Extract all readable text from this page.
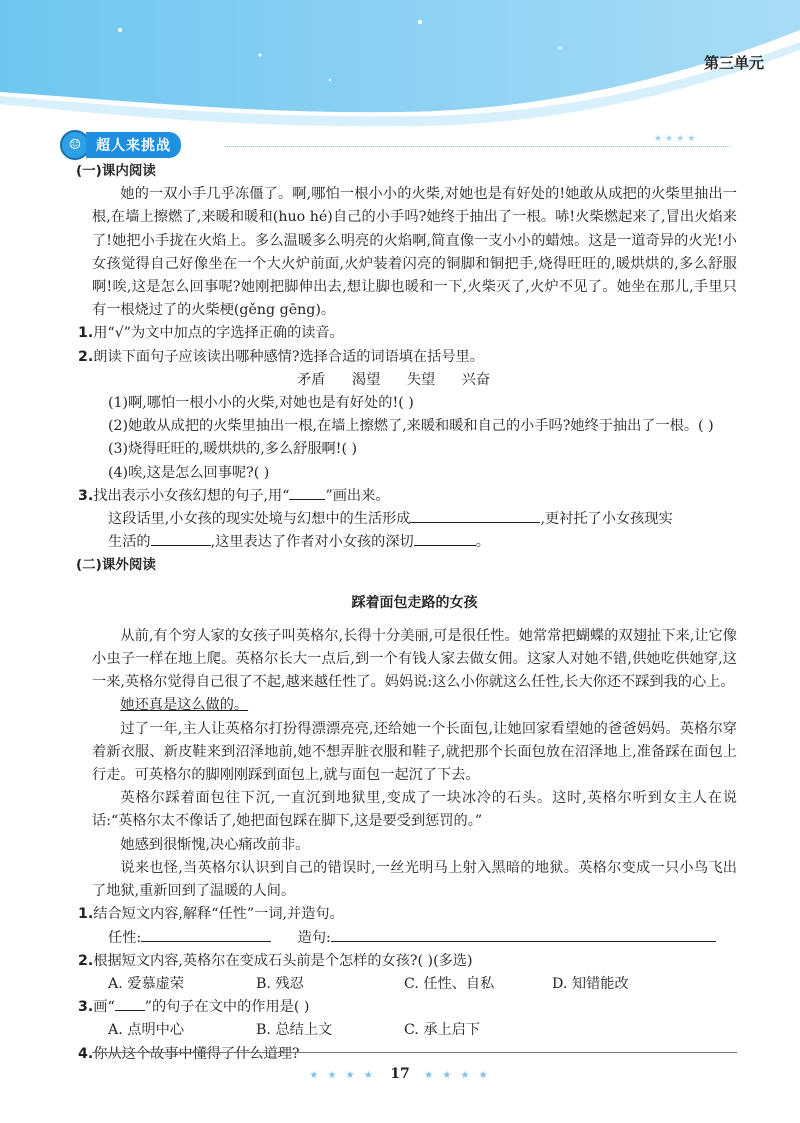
第三单元
☺	超人来挑战	★★★★
(一)课内阅读
她的一双小手几乎冻僵了。啊,哪怕一根小小的火柴,对她也是有好处的!她敢从成把的火柴里抽出一根,在墙上擦燃了,来暖和暖和(huo hé)自己的小手吗?她终于抽出了一根。哧!火柴燃起来了,冒出火焰来了!她把小手拢在火焰上。多么温暖多么明亮的火焰啊,简直像一支小小的蜡烛。这是一道奇异的火光!小女孩觉得自己好像坐在一个大火炉前面,火炉装着闪亮的铜脚和铜把手,烧得旺旺的,暖烘烘的,多么舒服啊!唉,这是怎么回事呢?她刚把脚伸出去,想让脚也暖和一下,火柴灭了,火炉不见了。她坐在那儿,手里只有一根烧过了的火柴梗(gěng gēng)。
1.用“√”为文中加点的字选择正确的读音。
2.朗读下面句子应该读出哪种感情?选择合适的词语填在括号里。
矛盾 渴望 失望 兴奋
(1)啊,哪怕一根小小的火柴,对她也是有好处的!( )
(2)她敢从成把的火柴里抽出一根,在墙上擦燃了,来暖和暖和自己的小手吗?她终于抽出了一根。( )
(3)烧得旺旺的,暖烘烘的,多么舒服啊!( )
(4)唉,这是怎么回事呢?( )
3.找出表示小女孩幻想的句子,用“	”画出来。
这段话里,小女孩的现实处境与幻想中的生活形成	,更衬托了小女孩现实
生活的	,这里表达了作者对小女孩的深切	。
(二)课外阅读
踩着面包走路的女孩
从前,有个穷人家的女孩子叫英格尔,长得十分美丽,可是很任性。她常常把蝴蝶的双翅扯下来,让它像小虫子一样在地上爬。英格尔长大一点后,到一个有钱人家去做女佣。这家人对她不错,供她吃供她穿,这一来,英格尔觉得自己很了不起,越来越任性了。妈妈说:这么小你就这么任性,长大你还不踩到我的心上。
她还真是这么做的。
过了一年,主人让英格尔打扮得漂漂亮亮,还给她一个长面包,让她回家看望她的爸爸妈妈。英格尔穿着新衣服、新皮鞋来到沼泽地前,她不想弄脏衣服和鞋子,就把那个长面包放在沼泽地上,准备踩在面包上行走。可英格尔的脚刚刚踩到面包上,就与面包一起沉了下去。
英格尔踩着面包往下沉,一直沉到地狱里,变成了一块冰冷的石头。这时,英格尔听到女主人在说话:“英格尔太不像话了,她把面包踩在脚下,这是要受到惩罚的。”
她感到很惭愧,决心痛改前非。
说来也怪,当英格尔认识到自己的错误时,一丝光明马上射入黑暗的地狱。英格尔变成一只小鸟飞出了地狱,重新回到了温暖的人间。
1.结合短文内容,解释“任性”一词,并造句。
任性:	造句:
2.根据短文内容,英格尔在变成石头前是个怎样的女孩?( )(多选)
A. 爱慕虚荣	B. 残忍	C. 任性、自私	D. 知错能改
3.画“ ”的句子在文中的作用是( )
A. 点明中心	B. 总结上文	C. 承上启下
4.你从这个故事中懂得了什么道理?
★ ★ ★ ★ 17 ★ ★ ★ ★
